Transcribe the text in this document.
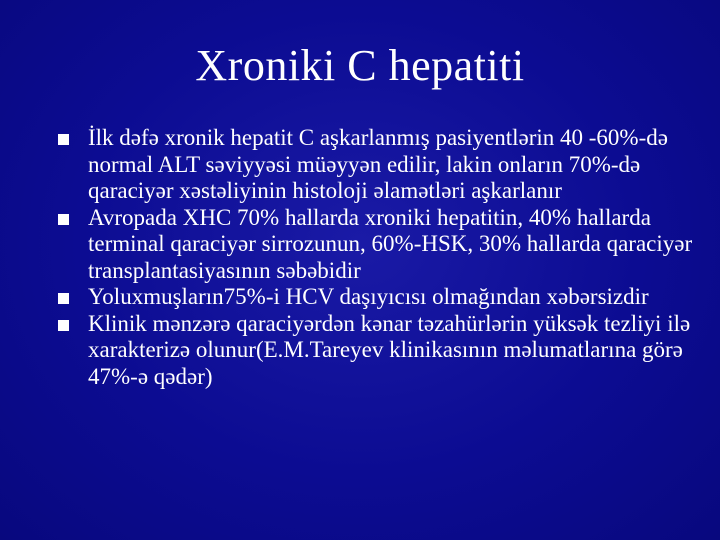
Xroniki C hepatiti
İlk dəfə xronik hepatit C aşkarlanmış pasiyentlərin 40 -60%-də normal ALT səviyyəsi müəyyən edilir, lakin onların 70%-də qaraciyər xəstəliyinin histoloji əlamətləri aşkarlanır
Avropada XHC 70% hallarda xroniki hepatitin, 40% hallarda terminal qaraciyər sirrozunun, 60%-HSK, 30% hallarda qaraciyər transplantasiyasının səbəbidir
Yoluxmuşların75%-i HCV daşıyıcısı olmağından xəbərsizdir
Klinik mənzərə qaraciyərdən kənar təzahürlərin yüksək tezliyi ilə xarakterizə olunur(E.M.Tareyev klinikasının məlumatlarına görə 47%-ə qədər)
